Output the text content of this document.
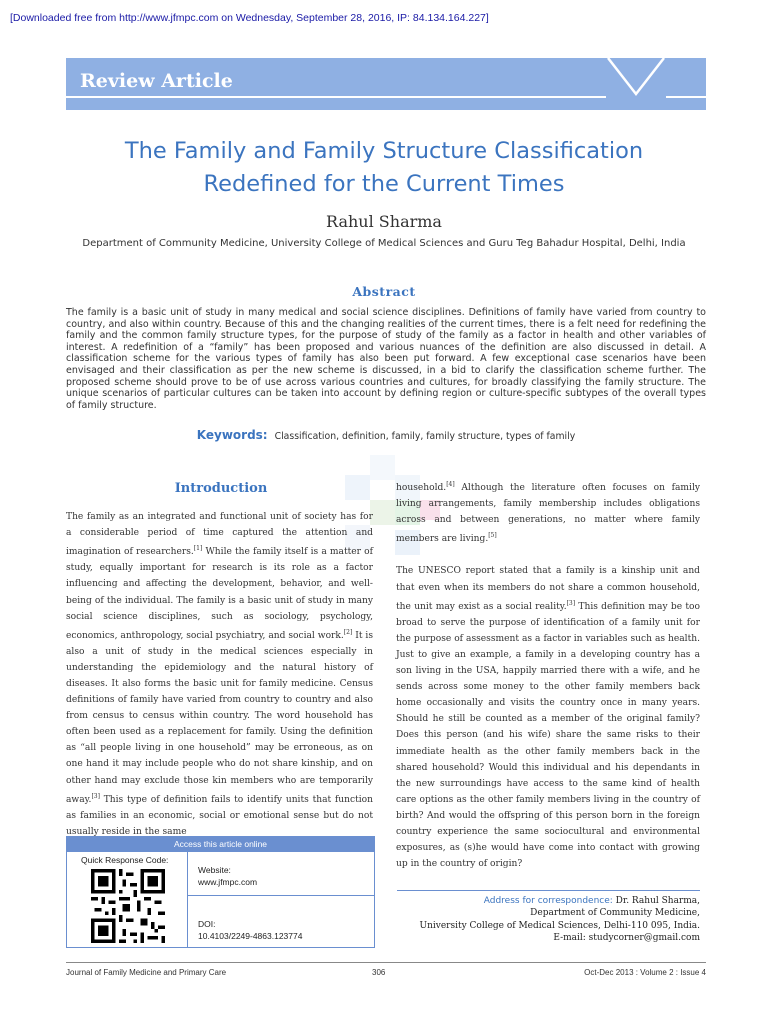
[Downloaded free from http://www.jfmpc.com on Wednesday, September 28, 2016, IP: 84.134.164.227]
Review Article
The Family and Family Structure Classification
Redefined for the Current Times
Rahul Sharma
Department of Community Medicine, University College of Medical Sciences and Guru Teg Bahadur Hospital, Delhi, India
Abstract
The family is a basic unit of study in many medical and social science disciplines. Definitions of family have varied from country to country, and also within country. Because of this and the changing realities of the current times, there is a felt need for redefining the family and the common family structure types, for the purpose of study of the family as a factor in health and other variables of interest. A redefinition of a “family” has been proposed and various nuances of the definition are also discussed in detail. A classification scheme for the various types of family has also been put forward. A few exceptional case scenarios have been envisaged and their classification as per the new scheme is discussed, in a bid to clarify the classification scheme further. The proposed scheme should prove to be of use across various countries and cultures, for broadly classifying the family structure. The unique scenarios of particular cultures can be taken into account by defining region or culture-specific subtypes of the overall types of family structure.
Keywords: Classification, definition, family, family structure, types of family
Introduction

The family as an integrated and functional unit of society has for a considerable period of time captured the attention and imagination of researchers.[1] While the family itself is a matter of study, equally important for research is its role as a factor influencing and affecting the development, behavior, and well-being of the individual. The family is a basic unit of study in many social science disciplines, such as sociology, psychology, economics, anthropology, social psychiatry, and social work.[2] It is also a unit of study in the medical sciences especially in understanding the epidemiology and the natural history of diseases. It also forms the basic unit for family medicine. Census definitions of family have varied from country to country and also from census to census within country. The word household has often been used as a replacement for family. Using the definition as “all people living in one household” may be erroneous, as on one hand it may include people who do not share kinship, and on other hand may exclude those kin members who are temporarily away.[3] This type of definition fails to identify units that function as families in an economic, social or emotional sense but do not usually reside in the same

household.[4] Although the literature often focuses on family living arrangements, family membership includes obligations across and between generations, no matter where family members are living.[5]

The UNESCO report stated that a family is a kinship unit and that even when its members do not share a common household, the unit may exist as a social reality.[3] This definition may be too broad to serve the purpose of identification of a family unit for the purpose of assessment as a factor in variables such as health. Just to give an example, a family in a developing country has a son living in the USA, happily married there with a wife, and he sends across some money to the other family members back home occasionally and visits the country once in many years. Should he still be counted as a member of the original family? Does this person (and his wife) share the same risks to their immediate health as the other family members back in the shared household? Would this individual and his dependants in the new surroundings have access to the same kind of health care options as the other family members living in the country of birth? And would the offspring of this person born in the foreign country experience the same sociocultural and environmental exposures, as (s)he would have come into contact with growing up in the country of origin?

Access this article online
Quick Response Code:
Website:
www.jfmpc.com
DOI:
10.4103/2249-4863.123774
Address for correspondence: Dr. Rahul Sharma,
Department of Community Medicine,
University College of Medical Sciences, Delhi-110 095, India.
E-mail: studycorner@gmail.com
Journal of Family Medicine and Primary Care	306	Oct-Dec 2013 : Volume 2 : Issue 4
